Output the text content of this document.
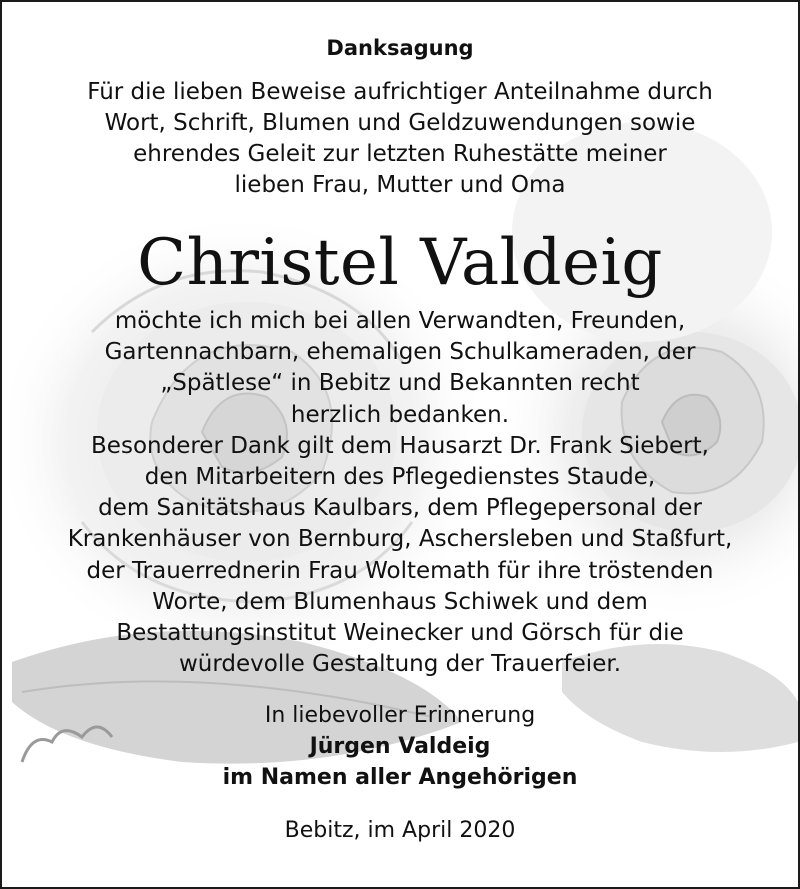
Danksagung
Für die lieben Beweise aufrichtiger Anteilnahme durch
Wort, Schrift, Blumen und Geldzuwendungen sowie
ehrendes Geleit zur letzten Ruhestätte meiner
lieben Frau, Mutter und Oma
Christel Valdeig
möchte ich mich bei allen Verwandten, Freunden,
Gartennachbarn, ehemaligen Schulkameraden, der
„Spätlese“ in Bebitz und Bekannten recht
herzlich bedanken.
Besonderer Dank gilt dem Hausarzt Dr. Frank Siebert,
den Mitarbeitern des Pflegedienstes Staude,
dem Sanitätshaus Kaulbars, dem Pflegepersonal der
Krankenhäuser von Bernburg, Aschersleben und Staßfurt,
der Trauerrednerin Frau Woltemath für ihre tröstenden
Worte, dem Blumenhaus Schiwek und dem
Bestattungsinstitut Weinecker und Görsch für die
würdevolle Gestaltung der Trauerfeier.
In liebevoller Erinnerung
Jürgen Valdeig
im Namen aller Angehörigen
Bebitz, im April 2020
